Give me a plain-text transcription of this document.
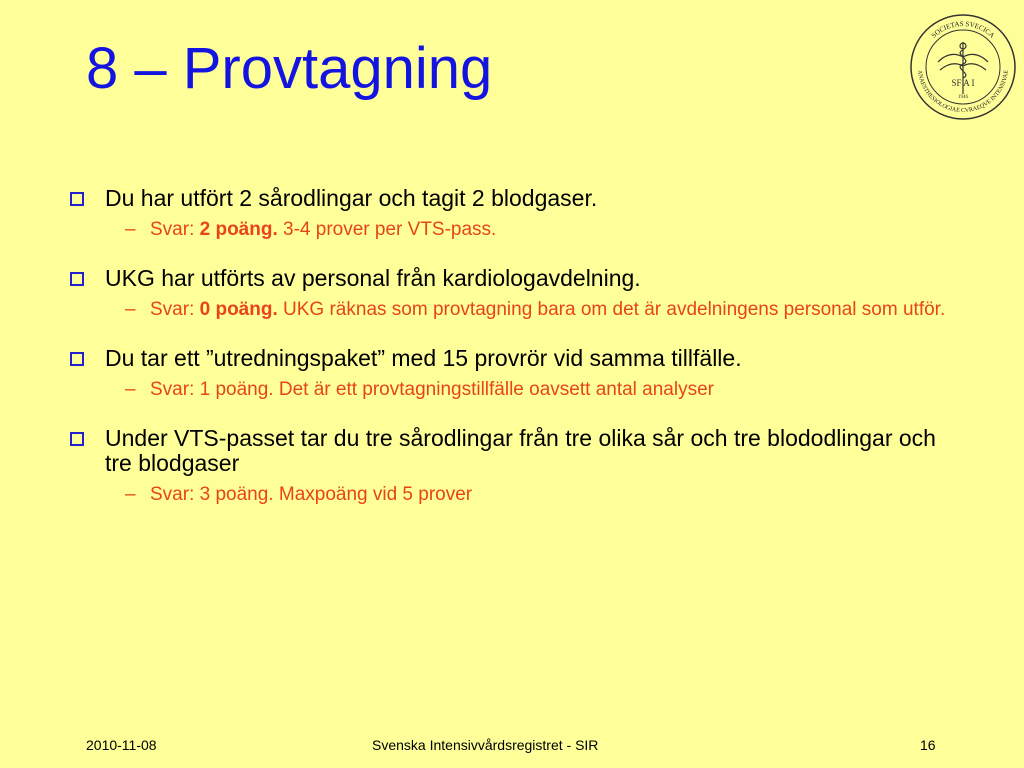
8 – Provtagning
SOCIETAS SVECICA
ANAESTHESIOLOGIAE CVRAEQVE INTENSIVAE
SF A I
1946
Du har utfört 2 sårodlingar och tagit 2 blodgaser.
– Svar: 2 poäng. 3-4 prover per VTS-pass.
UKG har utförts av personal från kardiologavdelning.
– Svar: 0 poäng. UKG räknas som provtagning bara om det är avdelningens personal som utför.
Du tar ett ”utredningspaket” med 15 provrör vid samma tillfälle.
– Svar: 1 poäng. Det är ett provtagningstillfälle oavsett antal analyser
Under VTS-passet tar du tre sårodlingar från tre olika sår och tre blododlingar och tre blodgaser
– Svar: 3 poäng. Maxpoäng vid 5 prover
2010-11-08	Svenska Intensivvårdsregistret - SIR	16
